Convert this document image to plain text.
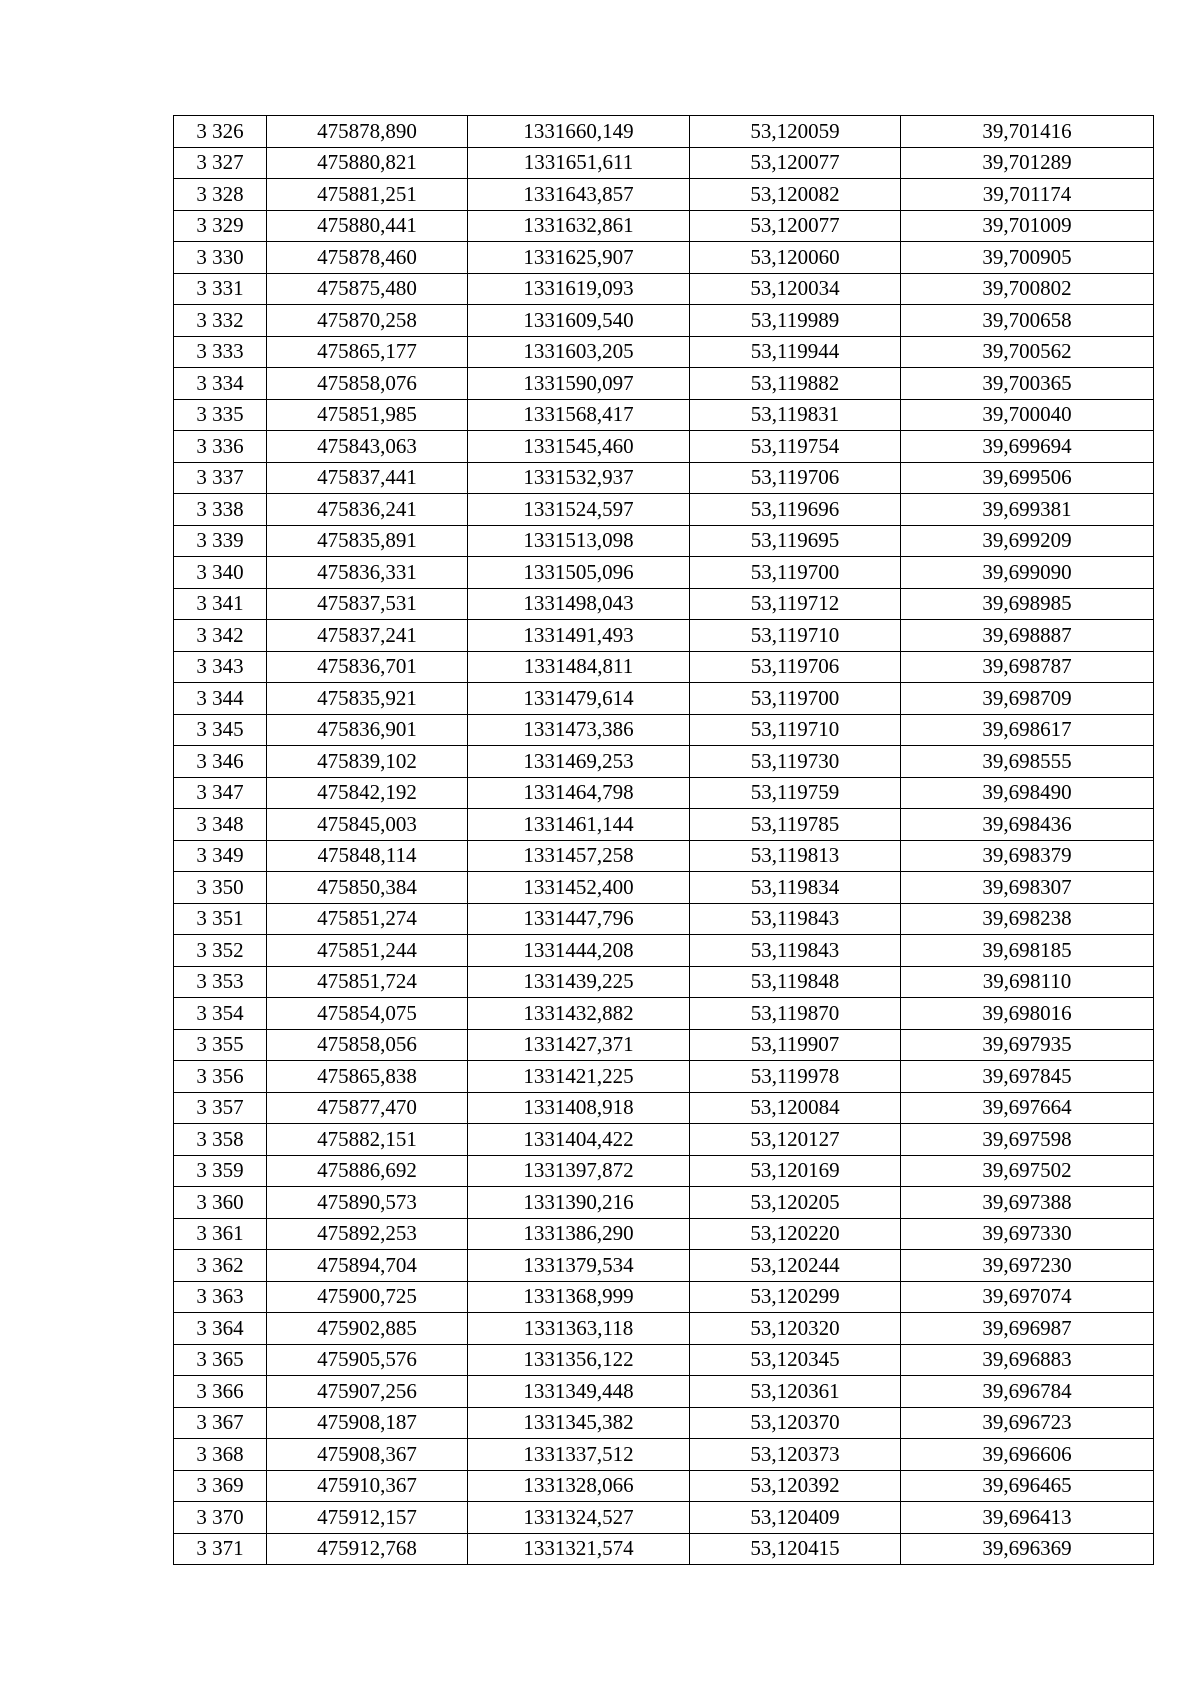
3 326	475878,890	1331660,149	53,120059	39,701416
3 327	475880,821	1331651,611	53,120077	39,701289
3 328	475881,251	1331643,857	53,120082	39,701174
3 329	475880,441	1331632,861	53,120077	39,701009
3 330	475878,460	1331625,907	53,120060	39,700905
3 331	475875,480	1331619,093	53,120034	39,700802
3 332	475870,258	1331609,540	53,119989	39,700658
3 333	475865,177	1331603,205	53,119944	39,700562
3 334	475858,076	1331590,097	53,119882	39,700365
3 335	475851,985	1331568,417	53,119831	39,700040
3 336	475843,063	1331545,460	53,119754	39,699694
3 337	475837,441	1331532,937	53,119706	39,699506
3 338	475836,241	1331524,597	53,119696	39,699381
3 339	475835,891	1331513,098	53,119695	39,699209
3 340	475836,331	1331505,096	53,119700	39,699090
3 341	475837,531	1331498,043	53,119712	39,698985
3 342	475837,241	1331491,493	53,119710	39,698887
3 343	475836,701	1331484,811	53,119706	39,698787
3 344	475835,921	1331479,614	53,119700	39,698709
3 345	475836,901	1331473,386	53,119710	39,698617
3 346	475839,102	1331469,253	53,119730	39,698555
3 347	475842,192	1331464,798	53,119759	39,698490
3 348	475845,003	1331461,144	53,119785	39,698436
3 349	475848,114	1331457,258	53,119813	39,698379
3 350	475850,384	1331452,400	53,119834	39,698307
3 351	475851,274	1331447,796	53,119843	39,698238
3 352	475851,244	1331444,208	53,119843	39,698185
3 353	475851,724	1331439,225	53,119848	39,698110
3 354	475854,075	1331432,882	53,119870	39,698016
3 355	475858,056	1331427,371	53,119907	39,697935
3 356	475865,838	1331421,225	53,119978	39,697845
3 357	475877,470	1331408,918	53,120084	39,697664
3 358	475882,151	1331404,422	53,120127	39,697598
3 359	475886,692	1331397,872	53,120169	39,697502
3 360	475890,573	1331390,216	53,120205	39,697388
3 361	475892,253	1331386,290	53,120220	39,697330
3 362	475894,704	1331379,534	53,120244	39,697230
3 363	475900,725	1331368,999	53,120299	39,697074
3 364	475902,885	1331363,118	53,120320	39,696987
3 365	475905,576	1331356,122	53,120345	39,696883
3 366	475907,256	1331349,448	53,120361	39,696784
3 367	475908,187	1331345,382	53,120370	39,696723
3 368	475908,367	1331337,512	53,120373	39,696606
3 369	475910,367	1331328,066	53,120392	39,696465
3 370	475912,157	1331324,527	53,120409	39,696413
3 371	475912,768	1331321,574	53,120415	39,696369
